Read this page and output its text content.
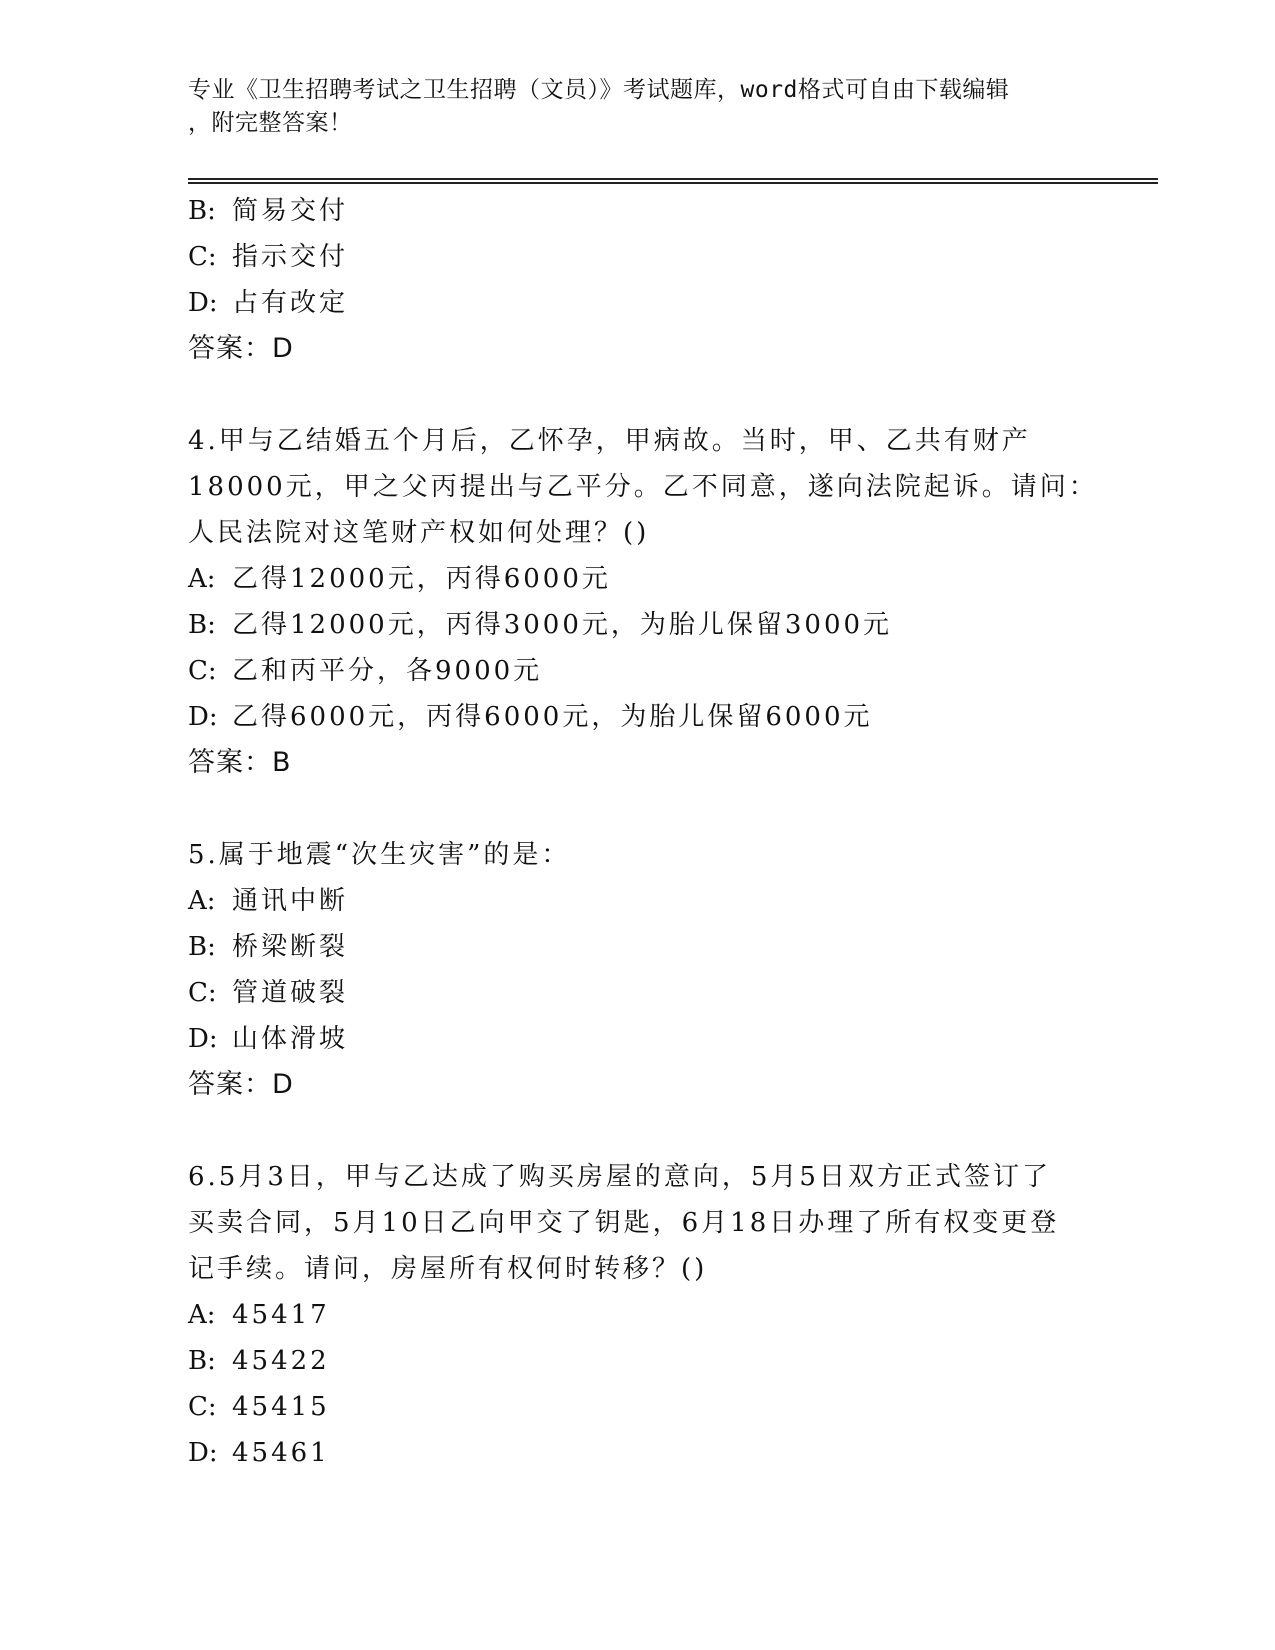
专业《卫生招聘考试之卫生招聘（文员）》考试题库，word格式可自由下载编辑
，附完整答案！
B: 简易交付
C: 指示交付
D: 占有改定
答案：D
4.甲与乙结婚五个月后，乙怀孕，甲病故。当时，甲、乙共有财产
18000元，甲之父丙提出与乙平分。乙不同意，遂向法院起诉。请问：
人民法院对这笔财产权如何处理？()
A: 乙得12000元，丙得6000元
B: 乙得12000元，丙得3000元，为胎儿保留3000元
C: 乙和丙平分，各9000元
D: 乙得6000元，丙得6000元，为胎儿保留6000元
答案：B
5.属于地震“次生灾害”的是：
A: 通讯中断
B: 桥梁断裂
C: 管道破裂
D: 山体滑坡
答案：D
6.5月3日，甲与乙达成了购买房屋的意向，5月5日双方正式签订了
买卖合同，5月10日乙向甲交了钥匙，6月18日办理了所有权变更登
记手续。请问，房屋所有权何时转移？()
A: 45417
B: 45422
C: 45415
D: 45461
